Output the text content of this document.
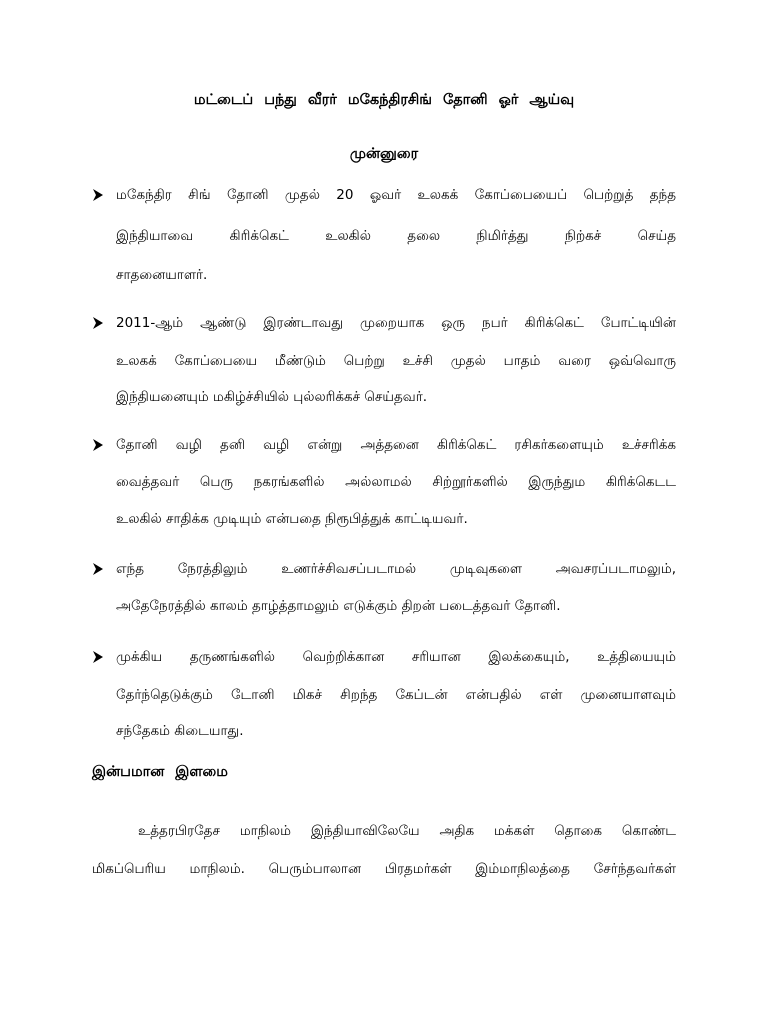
மட்டைப் பந்து வீரர் மகேந்திரசிங் தோனி ஓர் ஆய்வு
முன்னுரை
மகேந்திர சிங் தோனி முதல் 20 ஓவர் உலகக் கோப்பையைப் பெற்றுத் தந்த
இந்தியாவை கிரிக்கெட் உலகில் தலை நிமிர்த்து நிற்கச் செய்த
சாதனையாளர்.
2011-ஆம் ஆண்டு இரண்டாவது முறையாக ஒரு நபர் கிரிக்கெட் போட்டியின்
உலகக் கோப்பையை மீண்டும் பெற்று உச்சி முதல் பாதம் வரை ஒவ்வொரு
இந்தியனையும் மகிழ்ச்சியில் புல்லரிக்கச் செய்தவர்.
தோனி வழி தனி வழி என்று அத்தனை கிரிக்கெட் ரசிகர்களையும் உச்சரிக்க
வைத்தவர் பெரு நகரங்களில் அல்லாமல் சிற்றூர்களில் இருந்தும கிரிக்கெடட
உலகில் சாதிக்க முடியும் என்பதை நிரூபித்துக் காட்டியவர்.
எந்த நேரத்திலும் உணர்ச்சிவசப்படாமல் முடிவுகளை அவசரப்படாமலும்,
அதேநேரத்தில் காலம் தாழ்த்தாமலும் எடுக்கும் திறன் படைத்தவர் தோனி.
முக்கிய தருணங்களில் வெற்றிக்கான சரியான இலக்கையும், உத்தியையும்
தேர்ந்தெடுக்கும் டோனி மிகச் சிறந்த கேப்டன் என்பதில் எள் முனையாளவும்
சந்தேகம் கிடையாது.
இன்பமான இளமை
உத்தரபிரதேச மாநிலம் இந்தியாவிலேயே அதிக மக்கள் தொகை கொண்ட
மிகப்பெரிய மாநிலம். பெரும்பாலான பிரதமர்கள் இம்மாநிலத்தை சேர்ந்தவர்கள்
